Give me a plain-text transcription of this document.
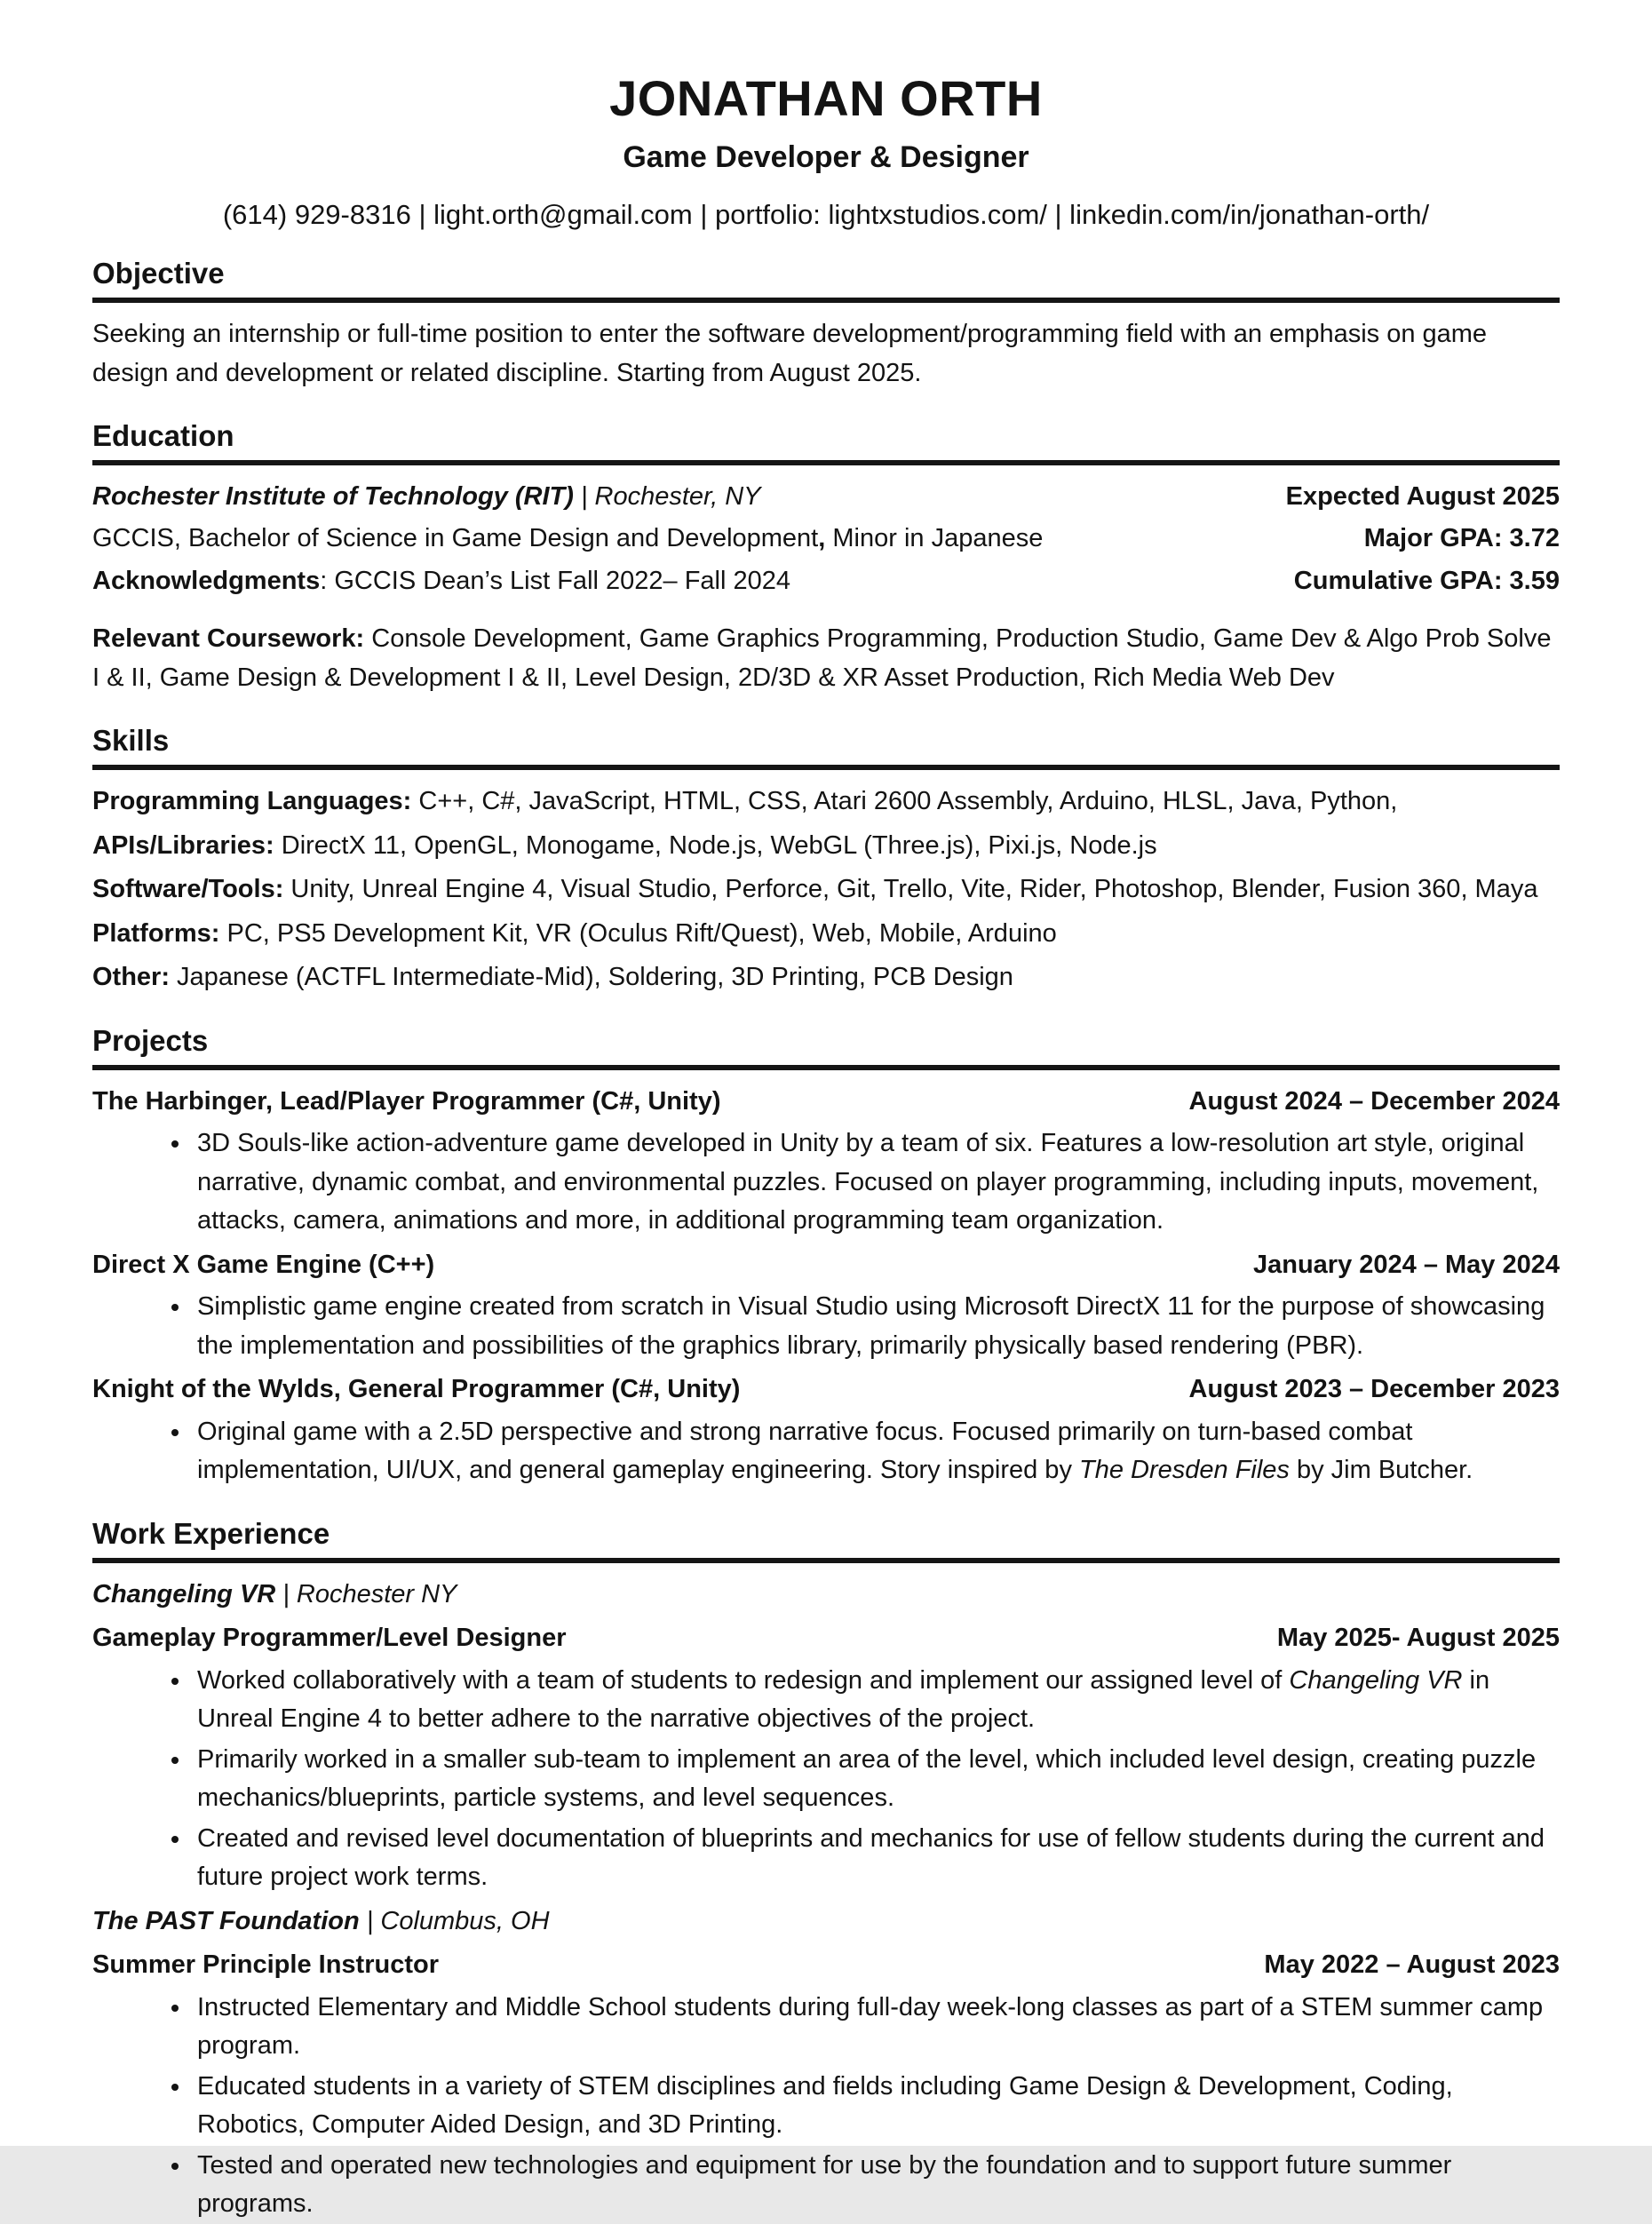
JONATHAN ORTH
Game Developer & Designer
(614) 929-8316 | light.orth@gmail.com | portfolio: lightxstudios.com/ | linkedin.com/in/jonathan-orth/
Objective

Seeking an internship or full-time position to enter the software development/programming field with an emphasis on game design and development or related discipline. Starting from August 2025.

Education
Rochester Institute of Technology (RIT) | Rochester, NY	Expected August 2025
GCCIS, Bachelor of Science in Game Design and Development, Minor in Japanese	Major GPA: 3.72
Acknowledgments: GCCIS Dean’s List Fall 2022– Fall 2024	Cumulative GPA: 3.59

Relevant Coursework: Console Development, Game Graphics Programming, Production Studio, Game Dev & Algo Prob Solve I & II, Game Design & Development I & II, Level Design, 2D/3D & XR Asset Production, Rich Media Web Dev

Skills

Programming Languages: C++, C#, JavaScript, HTML, CSS, Atari 2600 Assembly, Arduino, HLSL, Java, Python,

APIs/Libraries: DirectX 11, OpenGL, Monogame, Node.js, WebGL (Three.js), Pixi.js, Node.js

Software/Tools: Unity, Unreal Engine 4, Visual Studio, Perforce, Git, Trello, Vite, Rider, Photoshop, Blender, Fusion 360, Maya

Platforms: PC, PS5 Development Kit, VR (Oculus Rift/Quest), Web, Mobile, Arduino

Other: Japanese (ACTFL Intermediate-Mid), Soldering, 3D Printing, PCB Design

Projects
The Harbinger, Lead/Player Programmer (C#, Unity)	August 2024 – December 2024
• 3D Souls-like action-adventure game developed in Unity by a team of six. Features a low-resolution art style, original narrative, dynamic combat, and environmental puzzles. Focused on player programming, including inputs, movement, attacks, camera, animations and more, in additional programming team organization.
Direct X Game Engine (C++)	January 2024 – May 2024
• Simplistic game engine created from scratch in Visual Studio using Microsoft DirectX 11 for the purpose of showcasing the implementation and possibilities of the graphics library, primarily physically based rendering (PBR).
Knight of the Wylds, General Programmer (C#, Unity)	August 2023 – December 2023
• Original game with a 2.5D perspective and strong narrative focus. Focused primarily on turn-based combat implementation, UI/UX, and general gameplay engineering. Story inspired by The Dresden Files by Jim Butcher.
Work Experience

Changeling VR | Rochester NY

Gameplay Programmer/Level Designer	May 2025- August 2025
• Worked collaboratively with a team of students to redesign and implement our assigned level of Changeling VR in Unreal Engine 4 to better adhere to the narrative objectives of the project.
• Primarily worked in a smaller sub-team to implement an area of the level, which included level design, creating puzzle mechanics/blueprints, particle systems, and level sequences.
• Created and revised level documentation of blueprints and mechanics for use of fellow students during the current and future project work terms.

The PAST Foundation | Columbus, OH

Summer Principle Instructor	May 2022 – August 2023
• Instructed Elementary and Middle School students during full-day week-long classes as part of a STEM summer camp program.
• Educated students in a variety of STEM disciplines and fields including Game Design & Development, Coding, Robotics, Computer Aided Design, and 3D Printing.
• Tested and operated new technologies and equipment for use by the foundation and to support future summer programs.
